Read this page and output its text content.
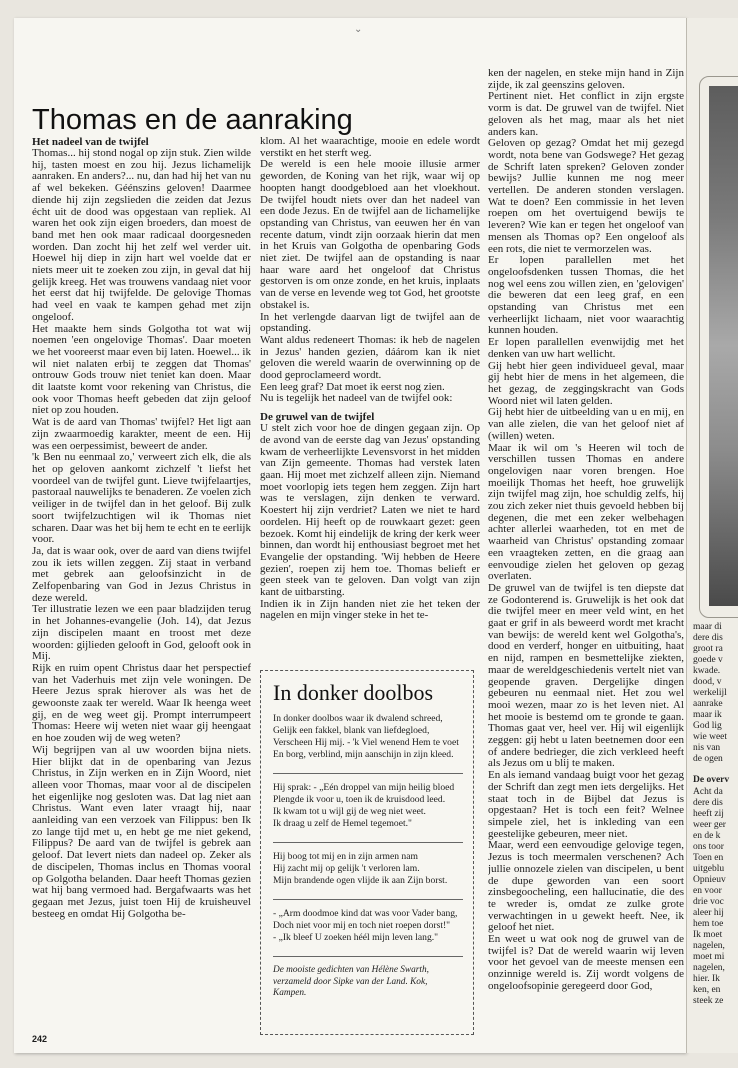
⌄
Thomas en de aanraking
Het nadeel van de twijfel

Thomas... hij stond nogal op zijn stuk. Zien wilde hij, tasten moest en zou hij. Jezus lichamelijk aanraken. En anders?... nu, dan had hij het van nu af wel bekeken. Géénszins geloven! Daarmee diende hij zijn zegslieden die zeiden dat Jezus écht uit de dood was opgestaan van repliek. Al waren het ook zijn eigen broeders, dan moest de band met hen ook maar radicaal doorgesneden worden. Dan zocht hij het zelf wel verder uit. Hoewel hij diep in zijn hart wel voelde dat er niets meer uit te zoeken zou zijn, in geval dat hij gelijk kreeg. Het was trouwens vandaag niet voor het eerst dat hij twijfelde. De gelovige Thomas had veel en vaak te kampen gehad met zijn ongeloof.

Het maakte hem sinds Golgotha tot wat wij noemen 'een ongelovige Thomas'. Daar moeten we het vooreerst maar even bij laten. Hoewel... ik wil niet nalaten erbij te zeggen dat Thomas' ontrouw Gods trouw niet teniet kan doen. Maar dit laatste komt voor rekening van Christus, die ook voor Thomas heeft gebeden dat zijn geloof niet op zou houden.

Wat is de aard van Thomas' twijfel? Het ligt aan zijn zwaarmoedig karakter, meent de een. Hij was een oerpessimist, beweert de ander.

'k Ben nu eenmaal zo,' verweert zich elk, die als het op geloven aankomt zichzelf 't liefst het voordeel van de twijfel gunt. Lieve twijfelaartjes, pastoraal nauwelijks te benaderen. Ze voelen zich veiliger in de twijfel dan in het geloof. Bij zulk soort twijfelzuchtigen wil ik Thomas niet scharen. Daar was het bij hem te echt en te eerlijk voor.

Ja, dat is waar ook, over de aard van diens twijfel zou ik iets willen zeggen. Zij staat in verband met gebrek aan geloofsinzicht in de Zelfopenbaring van God in Jezus Christus in deze wereld.

Ter illustratie lezen we een paar bladzijden terug in het Johannes-evangelie (Joh. 14), dat Jezus zijn discipelen maant en troost met deze woorden: gijlieden gelooft in God, gelooft ook in Mij.

Rijk en ruim opent Christus daar het perspectief van het Vaderhuis met zijn vele woningen. De Heere Jezus sprak hierover als was het de gewoonste zaak ter wereld. Waar Ik heenga weet gij, en de weg weet gij. Prompt interrumpeert Thomas: Heere wij weten niet waar gij heengaat en hoe zouden wij de weg weten?

Wij begrijpen van al uw woorden bijna niets. Hier blijkt dat in de openbaring van Jezus Christus, in Zijn werken en in Zijn Woord, niet alleen voor Thomas, maar voor al de discipelen het eigenlijke nog gesloten was. Dat lag niet aan Christus. Want even later vraagt hij, naar aanleiding van een verzoek van Filippus: ben Ik zo lange tijd met u, en hebt ge me niet gekend, Filippus? De aard van de twijfel is gebrek aan geloof. Dat levert niets dan nadeel op. Zeker als de discipelen, Thomas inclus en Thomas vooral op Golgotha belanden. Daar heeft Thomas gezien wat hij bang vermoed had. Bergafwaarts was het gegaan met Jezus, juist toen Hij de kruisheuvel besteeg en omdat Hij Golgotha be-

klom. Al het waarachtige, mooie en edele wordt verstikt en het sterft weg.

De wereld is een hele mooie illusie armer geworden, de Koning van het rijk, waar wij op hoopten hangt doodgebloed aan het vloekhout. De twijfel houdt niets over dan het nadeel van een dode Jezus. En de twijfel aan de lichamelijke opstanding van Christus, van eeuwen her én van recente datum, vindt zijn oorzaak hierin dat men in het Kruis van Golgotha de openbaring Gods niet ziet. De twijfel aan de opstanding is naar haar ware aard het ongeloof dat Christus gestorven is om onze zonde, en het kruis, inplaats van de verse en levende weg tot God, het grootste obstakel is.

In het verlengde daarvan ligt de twijfel aan de opstanding.

Want aldus redeneert Thomas: ik heb de nagelen in Jezus' handen gezien, dáárom kan ik niet geloven die wereld waarin de overwinning op de dood geproclameerd wordt.

Een leeg graf? Dat moet ik eerst nog zien.

Nu is tegelijk het nadeel van de twijfel ook:

De gruwel van de twijfel

U stelt zich voor hoe de dingen gegaan zijn. Op de avond van de eerste dag van Jezus' opstanding kwam de verheerlijkte Levensvorst in het midden van Zijn gemeente. Thomas had verstek laten gaan. Hij moet met zichzelf alleen zijn. Niemand moet voorlopig iets tegen hem zeggen. Zijn hart was te verslagen, zijn denken te verward. Koestert hij zijn verdriet? Laten we niet te hard oordelen. Hij heeft op de rouwkaart gezet: geen bezoek. Komt hij eindelijk de kring der kerk weer binnen, dan wordt hij enthousiast begroet met het Evangelie der opstanding. 'Wij hebben de Heere gezien', roepen zij hem toe. Thomas belieft er geen steek van te geloven. Dan volgt van zijn kant de uitbarsting.

Indien ik in Zijn handen niet zie het teken der nagelen en mijn vinger steke in het te-

In donker doolbos
In donker doolbos waar ik dwalend schreed,
Gelijk een fakkel, blank van liefdegloed,
Verscheen Hij mij. - 'k Viel wenend Hem te voet
En borg, verblind, mijn aanschijn in zijn kleed.
Hij sprak: - „Eén droppel van mijn heilig bloed
Plengde ik voor u, toen ik de kruisdood leed.
Ik kwam tot u wijl gij de weg niet weet.
Ik draag u zelf de Hemel tegemoet."
Hij boog tot mij en in zijn armen nam
Hij zacht mij op gelijk 't verloren lam.
Mijn brandende ogen vlijde ik aan Zijn borst.
- „Arm doodmoe kind dat was voor Vader bang,
Doch niet voor mij en toch niet roepen dorst!"
- „Ik bleef U zoeken héél mijn leven lang."
De mooiste gedichten van Hélène Swarth,
verzameld door Sipke van der Land. Kok, Kampen.

ken der nagelen, en steke mijn hand in Zijn zijde, ik zal geenszins geloven.

Pertinent niet. Het conflict in zijn ergste vorm is dat. De gruwel van de twijfel. Niet geloven als het mag, maar als het niet anders kan.

Geloven op gezag? Omdat het mij gezegd wordt, nota bene van Godswege? Het gezag de Schrift laten spreken? Geloven zonder bewijs? Jullie kunnen me nog meer vertellen. De anderen stonden verslagen. Wat te doen? Een commissie in het leven roepen om het overtuigend bewijs te leveren? Wie kan er tegen het ongeloof van mensen als Thomas op? Een ongeloof als een rots, die niet te vermorzelen was.

Er lopen parallellen met het ongeloofsdenken tussen Thomas, die het nog wel eens zou willen zien, en 'gelovigen' die beweren dat een leeg graf, en een opstanding van Christus met een verheerlijkt lichaam, niet voor waarachtig kunnen houden.

Er lopen parallellen evenwijdig met het denken van uw hart wellicht.

Gij hebt hier geen individueel geval, maar gij hebt hier de mens in het algemeen, die het gezag, de zeggingskracht van Gods Woord niet wil laten gelden.

Gij hebt hier de uitbeelding van u en mij, en van alle zielen, die van het geloof niet af (willen) weten.

Maar ik wil om 's Heeren wil toch de verschillen tussen Thomas en andere ongelovigen naar voren brengen. Hoe moeilijk Thomas het heeft, hoe gruwelijk zijn twijfel mag zijn, hoe schuldig zelfs, hij zou zich zeker niet thuis gevoeld hebben bij degenen, die met een zeker welbehagen achter allerlei waarheden, tot en met de waarheid van Christus' opstanding zomaar een vraagteken zetten, en die graag aan eenvoudige zielen het geloven op gezag overlaten.

De gruwel van de twijfel is ten diepste dat ze Godonterend is. Gruwelijk is het ook dat die twijfel meer en meer veld wint, en het gaat er grif in als beweerd wordt met kracht van bewijs: de wereld kent wel Golgotha's, dood en verderf, honger en uitbuiting, haat en nijd, rampen en besmettelijke ziekten, maar de wereldgeschiedenis vertelt niet van geopende graven. Dergelijke dingen gebeuren nu eenmaal niet. Het zou wel mooi wezen, maar zo is het leven niet. Al het mooie is bestemd om te gronde te gaan. Thomas gaat ver, heel ver. Hij wil eigenlijk zeggen: gij hebt u laten beetnemen door een of andere bedrieger, die zich verkleed heeft als Jezus om u blij te maken.

En als iemand vandaag buigt voor het gezag der Schrift dan zegt men iets dergelijks. Het staat toch in de Bijbel dat Jezus is opgestaan? Het is toch een feit? Welnee simpele ziel, het is inkleding van een geestelijke gebeuren, meer niet.

Maar, werd een eenvoudige gelovige tegen, Jezus is toch meermalen verschenen? Ach jullie onnozele zielen van discipelen, u bent de dupe geworden van een soort zinsbegoocheling, een hallucinatie, die des te wreder is, omdat ze zulke grote verwachtingen in u gewekt heeft. Nee, ik geloof het niet.

En weet u wat ook nog de gruwel van de twijfel is? Dat de wereld waarin wij leven voor het gevoel van de meeste mensen een onzinnige wereld is. Zij wordt volgens de ongeloofsopinie geregeerd door God,

242
maar di
dere dis
groot ra
goede v
kwade.
dood, v
werkelijl
aanrake
maar ik
God lig
wie weet
nis van
de ogen
De overv
Acht da
dere dis
heeft zij
weer ger
en de k
ons toor
Toen en
uitgeblu
Opnieuv
en voor
drie voc
aleer hij
hem toe
Ik moet
nagelen,
moet mi
nagelen,
hier. Ik
ken, en
steek ze
